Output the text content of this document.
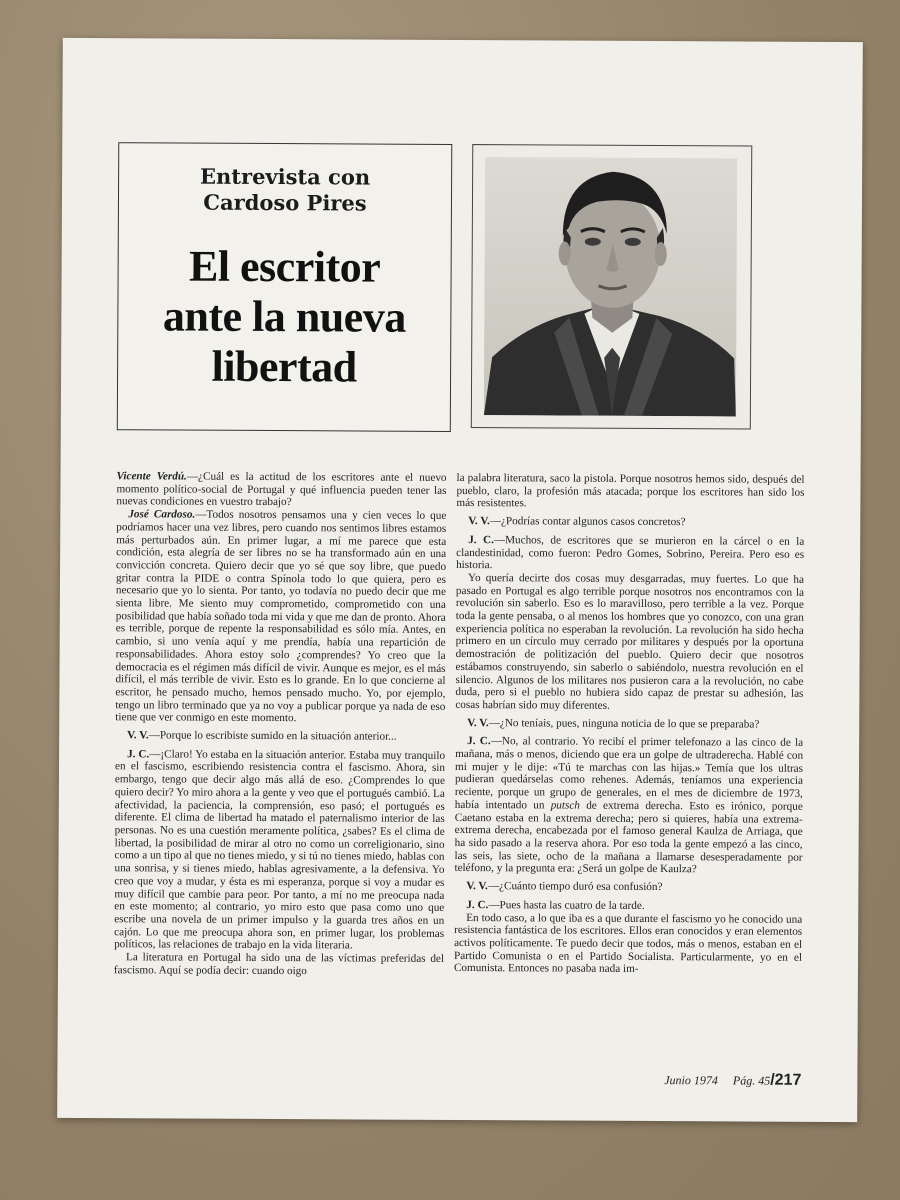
Entrevista con
Cardoso Pires
El escritor
ante la nueva
libertad

Vicente Verdú.—¿Cuál es la actitud de los escritores ante el nuevo momento político-social de Portugal y qué influencia pueden tener las nuevas condiciones en vuestro trabajo?

José Cardoso.—Todos nosotros pensamos una y cien veces lo que podríamos hacer una vez libres, pero cuando nos sentimos libres estamos más perturbados aún. En primer lugar, a mí me parece que esta condición, esta alegría de ser libres no se ha transformado aún en una convicción concreta. Quiero decir que yo sé que soy libre, que puedo gritar contra la PIDE o contra Spínola todo lo que quiera, pero es necesario que yo lo sienta. Por tanto, yo todavía no puedo decir que me sienta libre. Me siento muy comprometido, comprometido con una posibilidad que había soñado toda mi vida y que me dan de pronto. Ahora es terrible, porque de repente la responsabilidad es sólo mía. Antes, en cambio, si uno venía aquí y me prendía, había una repartición de responsabilidades. Ahora estoy solo ¿comprendes? Yo creo que la democracia es el régimen más difícil de vivir. Aunque es mejor, es el más difícil, el más terrible de vivir. Esto es lo grande. En lo que concierne al escritor, he pensado mucho, hemos pensado mucho. Yo, por ejemplo, tengo un libro terminado que ya no voy a publicar porque ya nada de eso tiene que ver conmigo en este momento.

V. V.—Porque lo escribiste sumido en la situación anterior...

J. C.—¡Claro! Yo estaba en la situación anterior. Estaba muy tranquilo en el fascismo, escribiendo resistencia contra el fascismo. Ahora, sin embargo, tengo que decir algo más allá de eso. ¿Comprendes lo que quiero decir? Yo miro ahora a la gente y veo que el portugués cambió. La afectividad, la paciencia, la comprensión, eso pasó; el portugués es diferente. El clima de libertad ha matado el paternalismo interior de las personas. No es una cuestión meramente política, ¿sabes? Es el clima de libertad, la posibilidad de mirar al otro no como un correligionario, sino como a un tipo al que no tienes miedo, y si tú no tienes miedo, hablas con una sonrisa, y si tienes miedo, hablas agresivamente, a la defensiva. Yo creo que voy a mudar, y ésta es mi esperanza, porque si voy a mudar es muy difícil que cambie para peor. Por tanto, a mí no me preocupa nada en este momento; al contrario, yo miro esto que pasa como uno que escribe una novela de un primer impulso y la guarda tres años en un cajón. Lo que me preocupa ahora son, en primer lugar, los problemas políticos, las relaciones de trabajo en la vida literaria.

La literatura en Portugal ha sido una de las víctimas preferidas del fascismo. Aquí se podía decir: cuando oigo

la palabra literatura, saco la pistola. Porque nosotros hemos sido, después del pueblo, claro, la profesión más atacada; porque los escritores han sido los más resistentes.

V. V.—¿Podrías contar algunos casos concretos?

J. C.—Muchos, de escritores que se murieron en la cárcel o en la clandestinidad, como fueron: Pedro Gomes, Sobrino, Pereira. Pero eso es historia.

Yo quería decirte dos cosas muy desgarradas, muy fuertes. Lo que ha pasado en Portugal es algo terrible porque nosotros nos encontramos con la revolución sin saberlo. Eso es lo maravilloso, pero terrible a la vez. Porque toda la gente pensaba, o al menos los hombres que yo conozco, con una gran experiencia política no esperaban la revolución. La revolución ha sido hecha primero en un círculo muy cerrado por militares y después por la oportuna demostración de politización del pueblo. Quiero decir que nosotros estábamos construyendo, sin saberlo o sabiéndolo, nuestra revolución en el silencio. Algunos de los militares nos pusieron cara a la revolución, no cabe duda, pero si el pueblo no hubiera sido capaz de prestar su adhesión, las cosas habrían sido muy diferentes.

V. V.—¿No teníais, pues, ninguna noticia de lo que se preparaba?

J. C.—No, al contrario. Yo recibí el primer telefonazo a las cinco de la mañana, más o menos, diciendo que era un golpe de ultraderecha. Hablé con mi mujer y le dije: «Tú te marchas con las hijas.» Temía que los ultras pudieran quedárselas como rehenes. Además, teníamos una experiencia reciente, porque un grupo de generales, en el mes de diciembre de 1973, había intentado un putsch de extrema derecha. Esto es irónico, porque Caetano estaba en la extrema derecha; pero si quieres, había una extrema-extrema derecha, encabezada por el famoso general Kaulza de Arriaga, que ha sido pasado a la reserva ahora. Por eso toda la gente empezó a las cinco, las seis, las siete, ocho de la mañana a llamarse desesperadamente por teléfono, y la pregunta era: ¿Será un golpe de Kaulza?

V. V.—¿Cuánto tiempo duró esa confusión?

J. C.—Pues hasta las cuatro de la tarde.

En todo caso, a lo que iba es a que durante el fascismo yo he conocido una resistencia fantástica de los escritores. Ellos eran conocidos y eran elementos activos políticamente. Te puedo decir que todos, más o menos, estaban en el Partido Comunista o en el Partido Socialista. Particularmente, yo en el Comunista. Entonces no pasaba nada im-

Junio 1974 Pág. 45/217
